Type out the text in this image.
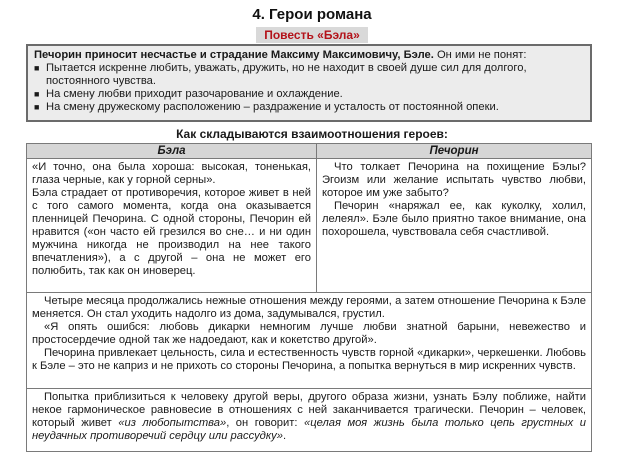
4. Герои романа
Повесть «Бэла»

Печорин приносит несчастье и страдание Максиму Максимовичу, Бэле. Он ими не понят:

■ Пытается искренне любить, уважать, дружить, но не находит в своей душе сил для долгого, постоянного чувства.
■ На смену любви приходит разочарование и охлаждение.
■ На смену дружескому расположению – раздражение и усталость от постоянной опеки.
Как складываются взаимоотношения героев:
Бэла	Печорин

«И точно, она была хороша: высокая, тоненькая, глаза черные, как у горной серны».

Бэла страдает от противоречия, которое живет в ней с того самого момента, когда она оказывается пленницей Печорина. С одной стороны, Печорин ей нравится («он часто ей грезился во сне… и ни один мужчина никогда не производил на нее такого впечатления»), а с другой – она не может его полюбить, так как он иноверец.

Что толкает Печорина на похищение Бэлы? Эгоизм или желание испытать чувство любви, которое им уже забыто?

Печорин «наряжал ее, как куколку, холил, лелеял». Бэле было приятно такое внимание, она похорошела, чувствовала себя счастливой.

Четыре месяца продолжались нежные отношения между героями, а затем отношение Печорина к Бэле меняется. Он стал уходить надолго из дома, задумывался, грустил.

«Я опять ошибся: любовь дикарки немногим лучше любви знатной барыни, невежество и простосердечие одной так же надоедают, как и кокетство другой».

Печорина привлекает цельность, сила и естественность чувств горной «дикарки», черкешенки. Любовь к Бэле – это не каприз и не прихоть со стороны Печорина, а попытка вернуться в мир искренних чувств.

Попытка приблизиться к человеку другой веры, другого образа жизни, узнать Бэлу поближе, найти некое гармоническое равновесие в отношениях с ней заканчивается трагически. Печорин – человек, который живет «из любопытства», он говорит: «целая моя жизнь была только цепь грустных и неудачных противоречий сердцу или рассудку».
